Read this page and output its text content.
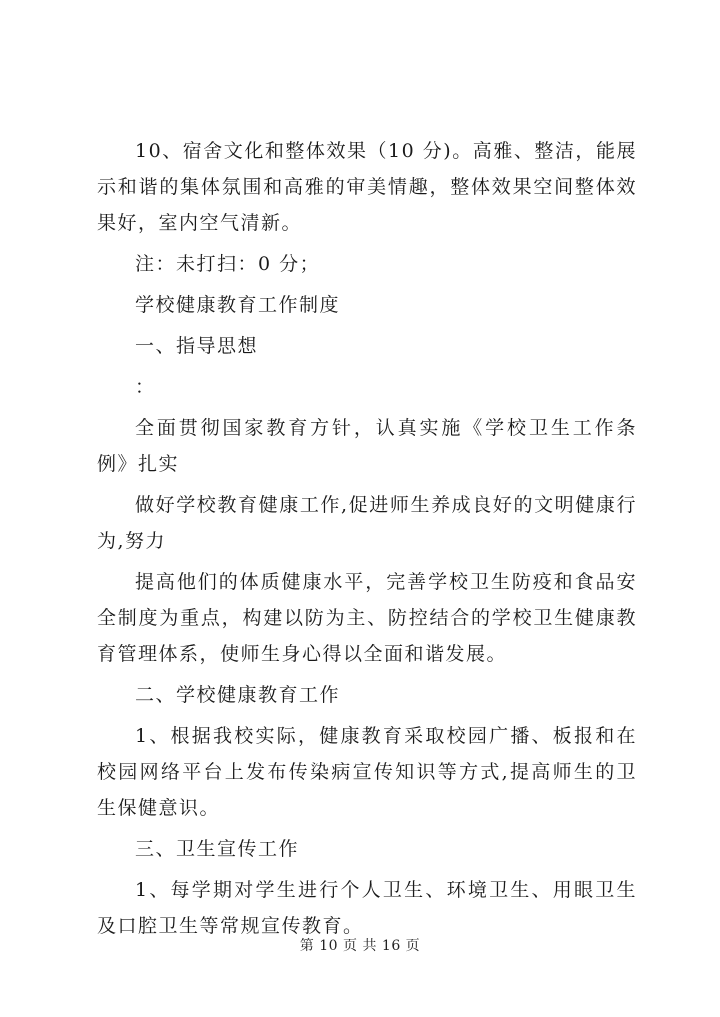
10、宿舍文化和整体效果（10 分)。高雅、整洁，能展示和谐的集体氛围和高雅的审美情趣，整体效果空间整体效果好，室内空气清新。

注：未打扫：0 分；

学校健康教育工作制度

一、指导思想

：

全面贯彻国家教育方针，认真实施《学校卫生工作条例》扎实

做好学校教育健康工作,促进师生养成良好的文明健康行为,努力

提高他们的体质健康水平，完善学校卫生防疫和食品安全制度为重点，构建以防为主、防控结合的学校卫生健康教育管理体系，使师生身心得以全面和谐发展。

二、学校健康教育工作

1、根据我校实际，健康教育采取校园广播、板报和在校园网络平台上发布传染病宣传知识等方式,提高师生的卫生保健意识。

三、卫生宣传工作

1、每学期对学生进行个人卫生、环境卫生、用眼卫生及口腔卫生等常规宣传教育。

第 10 页 共 16 页
